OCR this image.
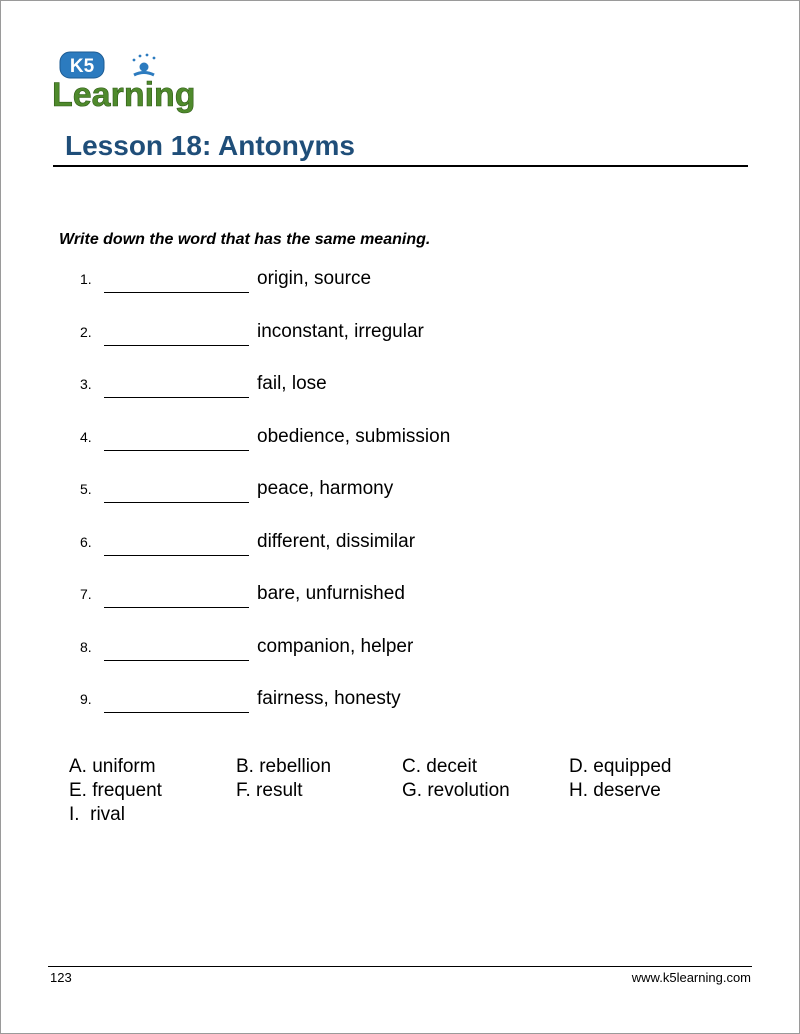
K5
Learning
Lesson 18: Antonyms
Write down the word that has the same meaning.
1.	origin, source
2.	inconstant, irregular
3.	fail, lose
4.	obedience, submission
5.	peace, harmony
6.	different, dissimilar
7.	bare, unfurnished
8.	companion, helper
9.	fairness, honesty
A. uniform	B. rebellion	C. deceit	D. equipped
E. frequent	F. result	G. revolution	H. deserve
I.  rival
123	www.k5learning.com
